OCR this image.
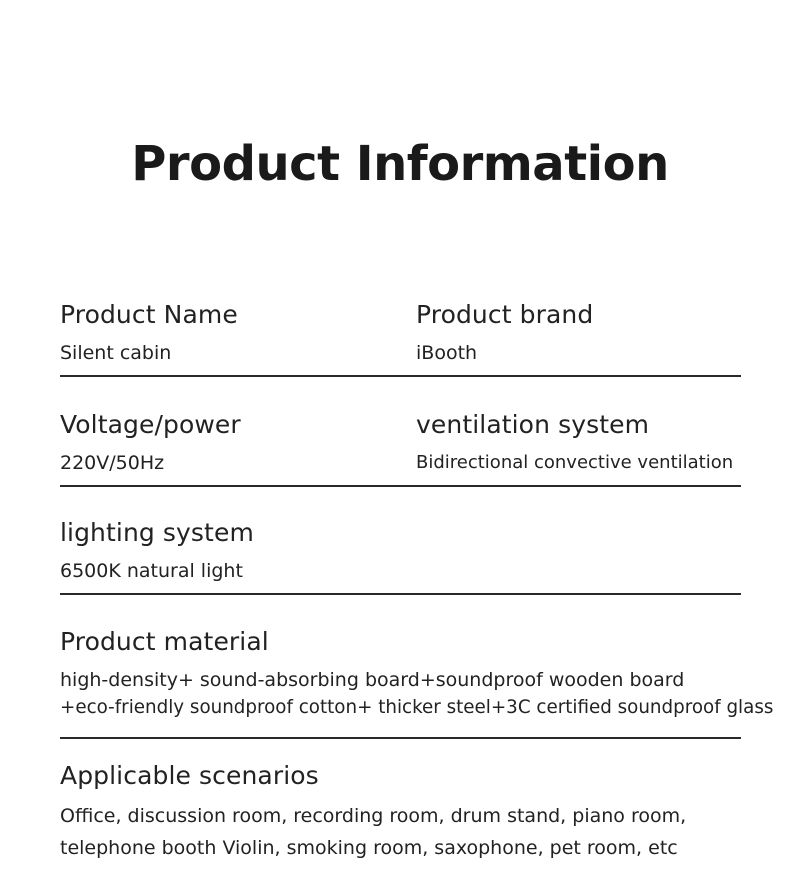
Product Information
Product Name
Silent cabin
Product brand
iBooth
Voltage/power
220V/50Hz
ventilation system
Bidirectional convective ventilation
lighting system
6500K natural light
Product material
high-density+ sound-absorbing board+soundproof wooden board
+eco-friendly soundproof cotton+ thicker steel+3C certified soundproof glass
Applicable scenarios
Office, discussion room, recording room, drum stand, piano room,
telephone booth Violin, smoking room, saxophone, pet room, etc
